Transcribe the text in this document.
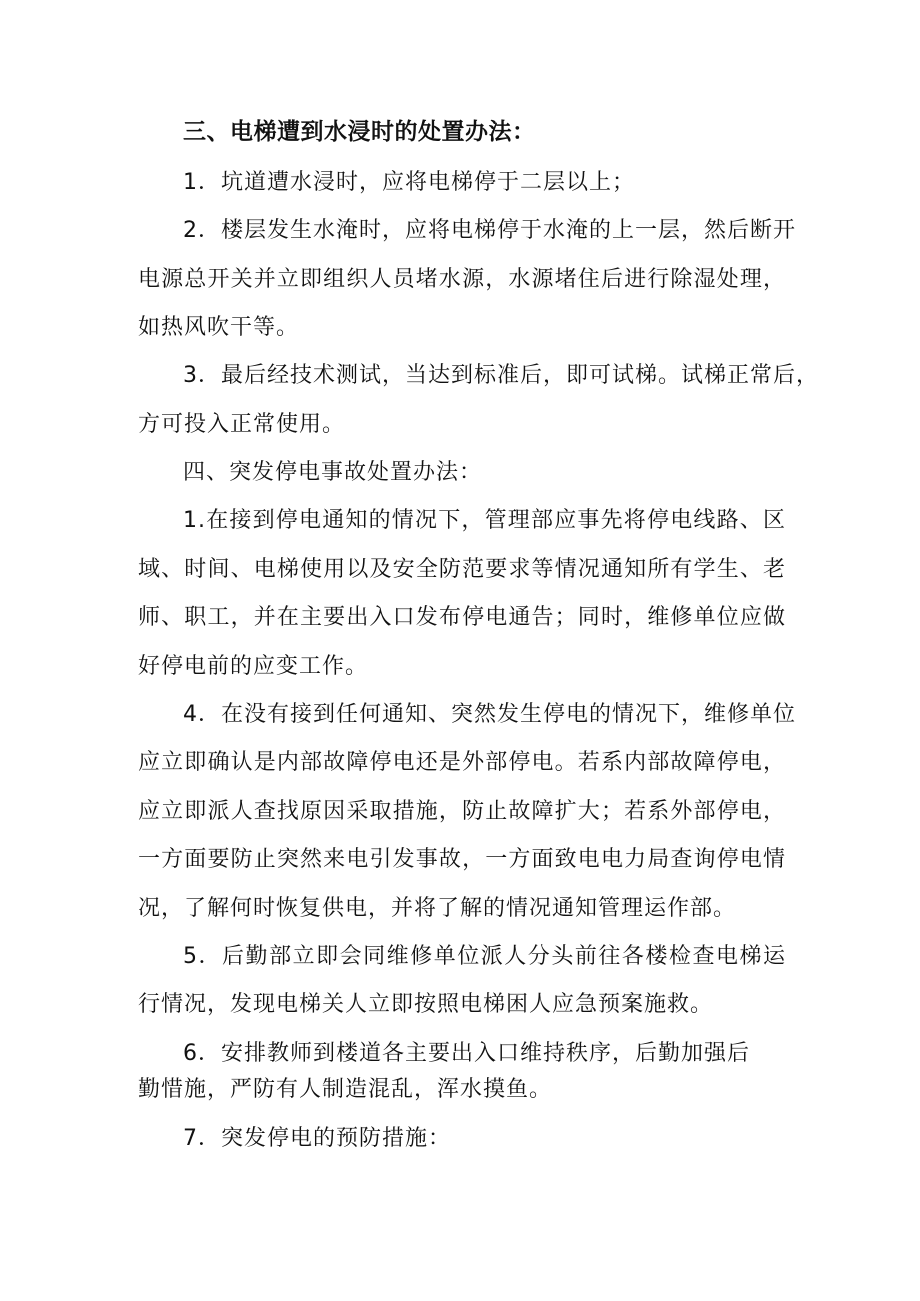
三、电梯遭到水浸时的处置办法：
1．坑道遭水浸时，应将电梯停于二层以上；
2．楼层发生水淹时，应将电梯停于水淹的上一层，然后断开
电源总开关并立即组织人员堵水源，水源堵住后进行除湿处理，
如热风吹干等。
3．最后经技术测试，当达到标准后，即可试梯。试梯正常后，
方可投入正常使用。
四、突发停电事故处置办法：
1.在接到停电通知的情况下，管理部应事先将停电线路、区
域、时间、电梯使用以及安全防范要求等情况通知所有学生、老
师、职工，并在主要出入口发布停电通告；同时，维修单位应做
好停电前的应变工作。
4．在没有接到任何通知、突然发生停电的情况下，维修单位
应立即确认是内部故障停电还是外部停电。若系内部故障停电，
应立即派人查找原因采取措施，防止故障扩大；若系外部停电，
一方面要防止突然来电引发事故，一方面致电电力局查询停电情
况，了解何时恢复供电，并将了解的情况通知管理运作部。
5．后勤部立即会同维修单位派人分头前往各楼检查电梯运
行情况，发现电梯关人立即按照电梯困人应急预案施救。
6．安排教师到楼道各主要出入口维持秩序，后勤加强后
勤惜施，严防有人制造混乱，浑水摸鱼。
7．突发停电的预防措施：
